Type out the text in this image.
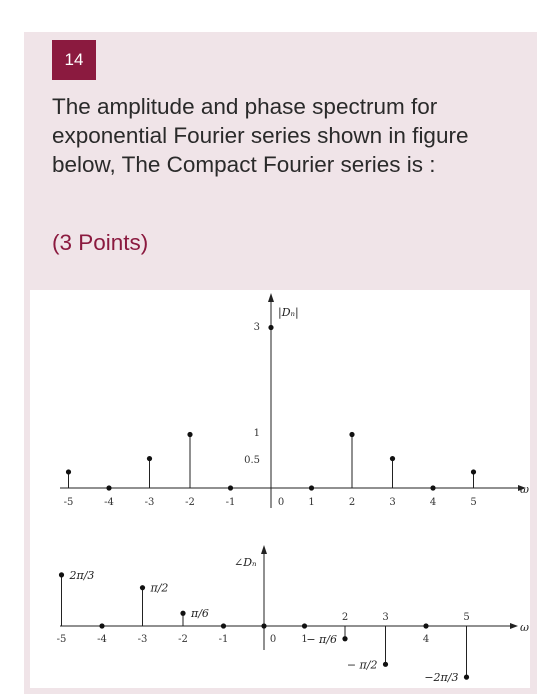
14
The amplitude and phase spectrum for exponential Fourier series shown in figure below, The Compact Fourier series is :
(3 Points)
|Dₙ|
ω
3
1
0.5
-5	-4	-3	-2	-1	0 1	2	3	4	5
∠Dₙ
ω
-5	-4	-3	-2	-1	0	1
2	3
4
5
2π/3
π/2
π/6
− π/6
− π/2
−2π/3
